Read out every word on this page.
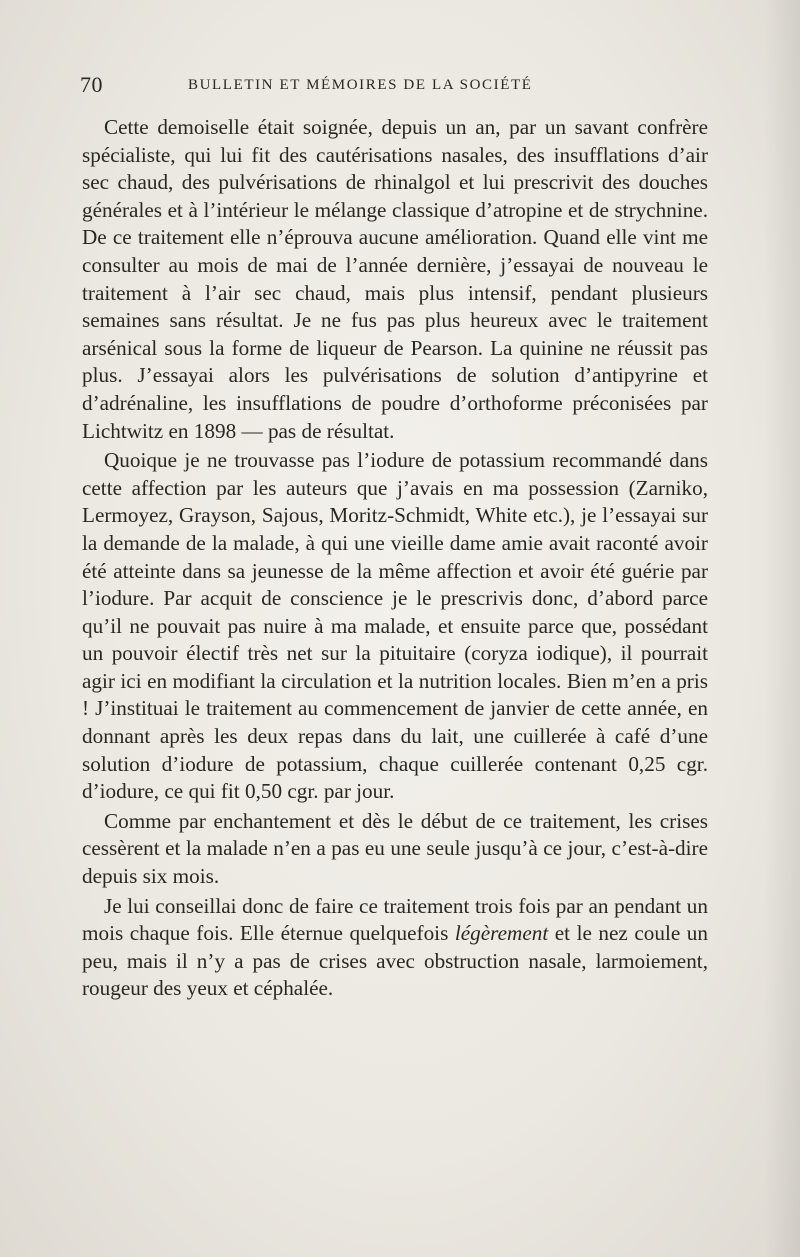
70	BULLETIN ET MÉMOIRES DE LA SOCIÉTÉ

Cette demoiselle était soignée, depuis un an, par un savant confrère spécialiste, qui lui fit des cautérisations nasales, des insufflations d’air sec chaud, des pulvérisations de rhinalgol et lui prescrivit des douches générales et à l’intérieur le mélange classique d’atropine et de strychnine. De ce traitement elle n’éprouva aucune amélioration. Quand elle vint me consulter au mois de mai de l’année dernière, j’essayai de nouveau le traitement à l’air sec chaud, mais plus intensif, pendant plusieurs semaines sans résultat. Je ne fus pas plus heureux avec le traitement arsénical sous la forme de liqueur de Pearson. La quinine ne réussit pas plus. J’essayai alors les pulvérisations de solution d’antipyrine et d’adrénaline, les insufflations de poudre d’orthoforme préconisées par Lichtwitz en 1898 — pas de résultat.

Quoique je ne trouvasse pas l’iodure de potassium recommandé dans cette affection par les auteurs que j’avais en ma possession (Zarniko, Lermoyez, Grayson, Sajous, Moritz-Schmidt, White etc.), je l’essayai sur la demande de la malade, à qui une vieille dame amie avait raconté avoir été atteinte dans sa jeunesse de la même affection et avoir été guérie par l’iodure. Par acquit de conscience je le prescrivis donc, d’abord parce qu’il ne pouvait pas nuire à ma malade, et ensuite parce que, possédant un pouvoir électif très net sur la pituitaire (coryza iodique), il pourrait agir ici en modifiant la circulation et la nutrition locales. Bien m’en a pris ! J’instituai le traitement au commencement de janvier de cette année, en donnant après les deux repas dans du lait, une cuillerée à café d’une solution d’iodure de potassium, chaque cuillerée contenant 0,25 cgr. d’iodure, ce qui fit 0,50 cgr. par jour.

Comme par enchantement et dès le début de ce traitement, les crises cessèrent et la malade n’en a pas eu une seule jusqu’à ce jour, c’est-à-dire depuis six mois.

Je lui conseillai donc de faire ce traitement trois fois par an pendant un mois chaque fois. Elle éternue quelquefois légèrement et le nez coule un peu, mais il n’y a pas de crises avec obstruction nasale, larmoiement, rougeur des yeux et céphalée.
